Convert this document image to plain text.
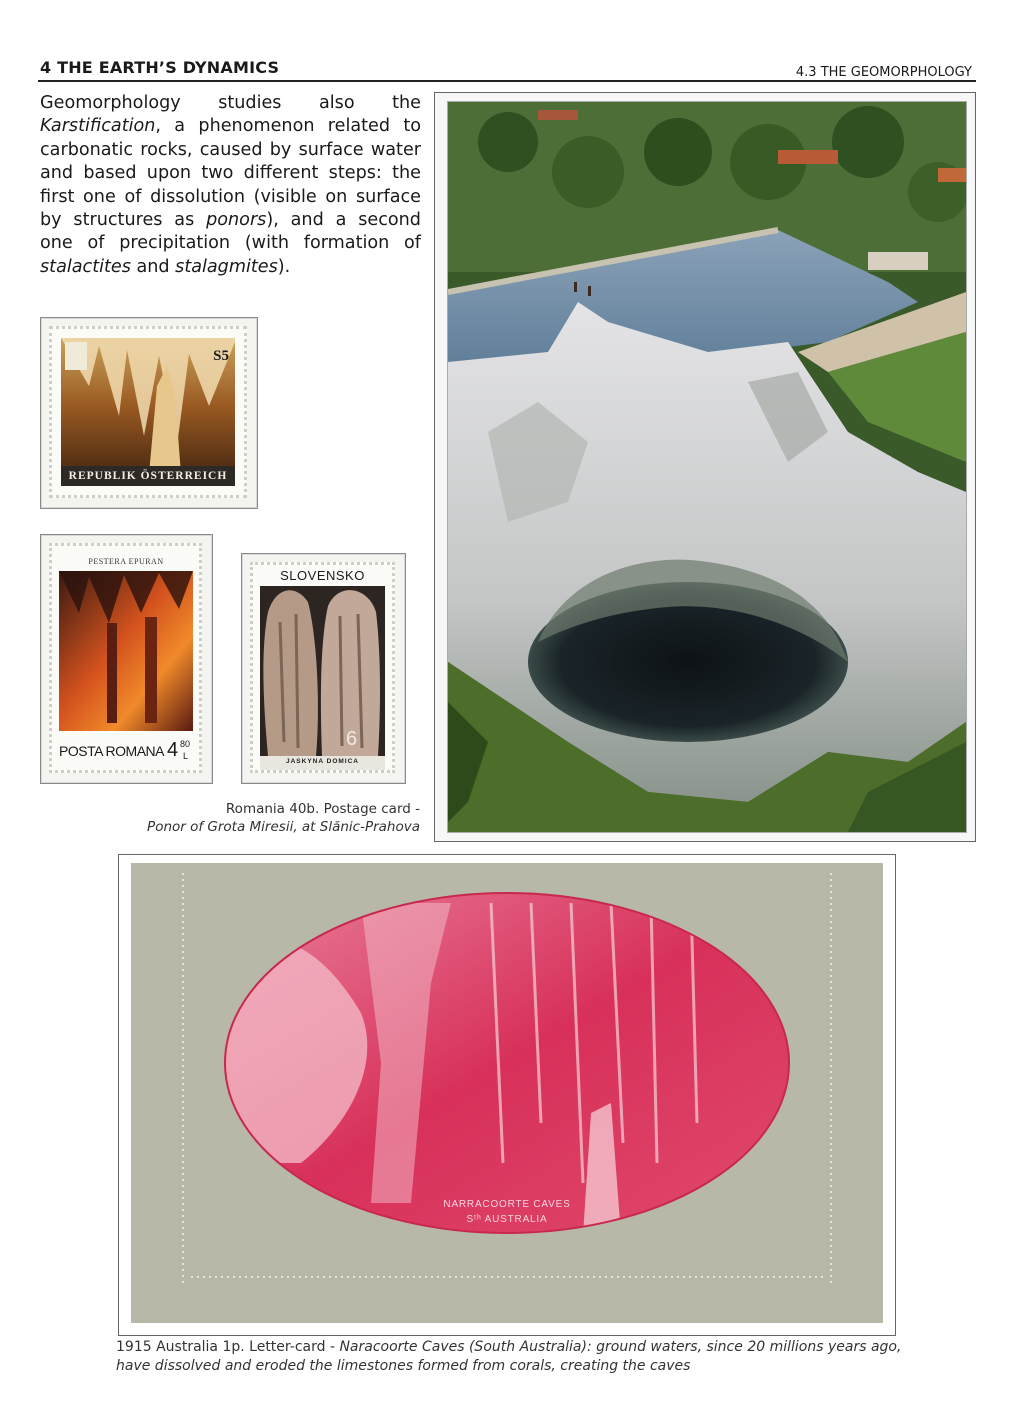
4 THE EARTH’S DYNAMICS	4.3 THE GEOMORPHOLOGY
Geomorphology studies also the Karstification, a phenomenon related to carbonatic rocks, caused by surface water and based upon two different steps: the first one of dissolution (visible on surface by structures as ponors), and a second one of precipitation (with formation of stalactites and stalagmites).
S5
REPUBLIK ÖSTERREICH
PESTERA EPURAN
POSTA ROMANA 4 80
L
SLOVENSKO
6
JASKYNA DOMICA
Romania 40b. Postage card -
Ponor of Grota Miresii, at Slănic-Prahova
NARRACOORTE CAVES
Sᵗʰ AUSTRALIA
1915 Australia 1p. Letter-card - Naracoorte Caves (South Australia): ground waters, since 20 millions years ago, have dissolved and eroded the limestones formed from corals, creating the caves
